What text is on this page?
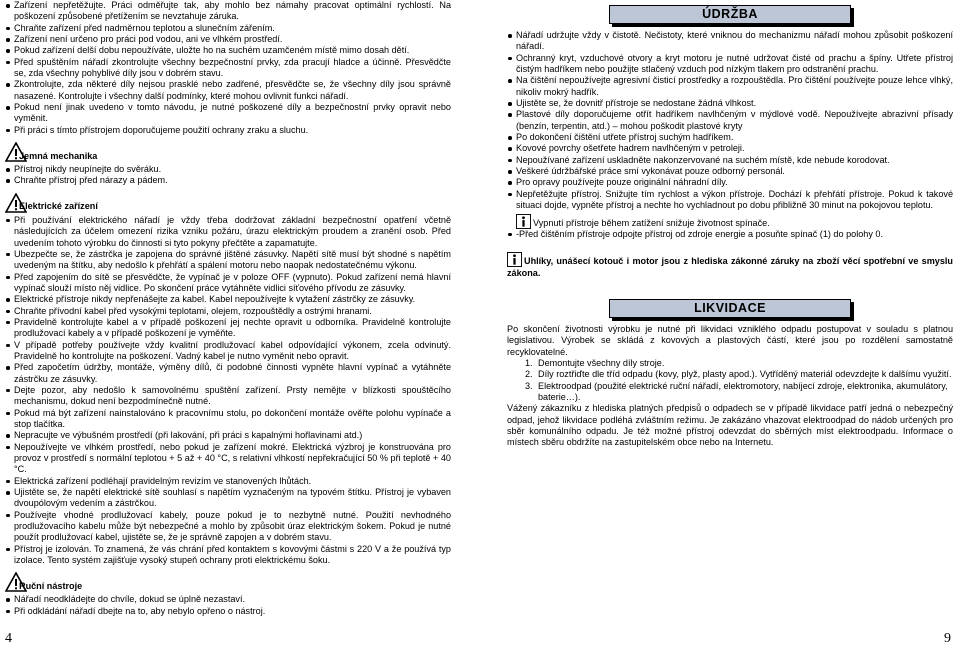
Zařízení nepřetěžujte. Práci odměřujte tak, aby mohlo bez námahy pracovat optimální rychlostí. Na poškození způsobené přetížením se nevztahuje záruka.
Chraňte zařízení před nadměrnou teplotou a slunečním zářením.
Zařízení není určeno pro práci pod vodou, ani ve vlhkém prostředí.
Pokud zařízení delší dobu nepoužíváte, uložte ho na suchém uzamčeném místě mimo dosah dětí.
Před spuštěním nářadí zkontrolujte všechny bezpečnostní prvky, zda pracují hladce a účinně. Přesvědčte se, zda všechny pohyblivé díly jsou v dobrém stavu.
Zkontrolujte, zda některé díly nejsou prasklé nebo zadřené, přesvědčte se, že všechny díly jsou správně nasazené. Kontrolujte i všechny další podmínky, které mohou ovlivnit funkci nářadí.
Pokud není jinak uvedeno v tomto návodu, je nutné poškozené díly a bezpečnostní prvky opravit nebo vyměnit.
Při práci s tímto přístrojem doporučujeme použití ochrany zraku a sluchu.
Jemná mechanika
Přístroj nikdy neupínejte do svěráku.
Chraňte přístroj před nárazy a pádem.
Elektrické zařízení
Při používání elektrického nářadí je vždy třeba dodržovat základní bezpečnostní opatření včetně následujících za účelem omezení rizika vzniku požáru, úrazu elektrickým proudem a zranění osob. Před uvedením tohoto výrobku do činnosti si tyto pokyny přečtěte a zapamatujte.
Ubezpečte se, že zástrčka je zapojena do správné jištěné zásuvky. Napětí sítě musí být shodné s napětím uvedeným na štítku, aby nedošlo k přehřátí a spálení motoru nebo naopak nedostatečnému výkonu.
Před zapojením do sítě se přesvědčte, že vypínač je v poloze OFF (vypnuto). Pokud zařízení nemá hlavní vypínač slouží místo něj vidlice. Po skončení práce vytáhněte vidlici síťového přívodu ze zásuvky.
Elektrické přístroje nikdy nepřenášejte za kabel. Kabel nepoužívejte k vytažení zástrčky ze zásuvky.
Chraňte přívodní kabel před vysokými teplotami, olejem, rozpouštědly a ostrými hranami.
Pravidelně kontrolujte kabel a v případě poškození jej nechte opravit u odborníka. Pravidelně kontrolujte prodlužovací kabely a v případě poškození je vyměňte.
V případě potřeby používejte vždy kvalitní prodlužovací kabel odpovídající výkonem, zcela odvinutý. Pravidelně ho kontrolujte na poškození. Vadný kabel je nutno vyměnit nebo opravit.
Před započetím údržby, montáže, výměny dílů, či podobné činnosti vypněte hlavní vypínač a vytáhněte zástrčku ze zásuvky.
Dejte pozor, aby nedošlo k samovolnému spuštění zařízení. Prsty nemějte v blízkosti spouštěcího mechanismu, dokud není bezpodmínečně nutné.
Pokud má být zařízení nainstalováno k pracovnímu stolu, po dokončení montáže ověřte polohu vypínače a stop tlačítka.
Nepracujte ve výbušném prostředí (při lakování, při práci s kapalnými hořlavinami atd.)
Nepoužívejte ve vlhkém prostředí, nebo pokud je zařízení mokré. Elektrická výzbroj je konstruována pro provoz v prostředí s normální teplotou + 5 až + 40 °C, s relativní vlhkostí nepřekračující 50 % při teplotě + 40 °C.
Elektrická zařízení podléhají pravidelným revizím ve stanovených lhůtách.
Ujistěte se, že napětí elektrické sítě souhlasí s napětím vyznačeným na typovém štítku. Přístroj je vybaven dvoupólovým vedením a zástrčkou.
Používejte vhodné prodlužovací kabely, pouze pokud je to nezbytně nutné. Použití nevhodného prodlužovacího kabelu může být nebezpečné a mohlo by způsobit úraz elektrickým šokem. Pokud je nutné použít prodlužovací kabel, ujistěte se, že je správně zapojen a v dobrém stavu.
Přístroj je izolován. To znamená, že vás chrání před kontaktem s kovovými částmi s 220 V a že používá typ izolace. Tento systém zajišťuje vysoký stupeň ochrany proti elektrickému šoku.
Ruční nástroje
Nářadí neodkládejte do chvíle, dokud se úplně nezastaví.
Při odkládání nářadí dbejte na to, aby nebylo opřeno o nástroj.
4
ÚDRŽBA
Nářadí udržujte vždy v čistotě. Nečistoty, které vniknou do mechanizmu nářadí mohou způsobit poškození nářadí.
Ochranný kryt, vzduchové otvory a kryt motoru je nutné udržovat čisté od prachu a špíny. Utřete přístroj čistým hadříkem nebo použijte stlačený vzduch pod nízkým tlakem pro odstranění prachu.
Na čištění nepoužívejte agresivní čisticí prostředky a rozpouštědla. Pro čištění používejte pouze lehce vlhký, nikoliv mokrý hadřík.
Ujistěte se, že dovnitř přístroje se nedostane žádná vlhkost.
Plastové díly doporučujeme otřít hadříkem navlhčeným v mýdlové vodě. Nepoužívejte abrazivní přísady (benzín, terpentin, atd.) – mohou poškodit plastové kryty
Po dokončení čištění utřete přístroj suchým hadříkem.
Kovové povrchy ošetřete hadrem navlhčeným v petroleji.
Nepoužívané zařízení uskladněte nakonzervované na suchém místě, kde nebude korodovat.
Veškeré údržbářské práce smí vykonávat pouze odborný personál.
Pro opravy používejte pouze originální náhradní díly.
Nepřetěžujte přístroj. Snižujte tím rychlost a výkon přístroje. Dochází k přehřátí přístroje. Pokud k takové situaci dojde, vypněte přístroj a nechte ho vychladnout po dobu přibližně 30 minut na pokojovou teplotu.
Vypnutí přístroje během zatížení snižuje životnost spínače.
-Před čištěním přístroje odpojte přístroj od zdroje energie a posuňte spínač (1) do polohy 0.
Uhlíky, unášecí kotouč i motor jsou z hlediska zákonné záruky na zboží věcí spotřební ve smyslu zákona.
LIKVIDACE
Po skončení životnosti výrobku je nutné při likvidaci vzniklého odpadu postupovat v souladu s platnou legislativou. Výrobek se skládá z kovových a plastových částí, které jsou po rozdělení samostatně recyklovatelné.
1. Demontujte všechny díly stroje.
2. Díly roztřiďte dle tříd odpadu (kovy, plyž, plasty apod.). Vytříděný materiál odevzdejte k dalšímu využití.
3. Elektroodpad (použité elektrické ruční nářadí, elektromotory, nabíjecí zdroje, elektronika, akumulátory, baterie…).
Vážený zákazníku z hlediska platných předpisů o odpadech se v případě likvidace patří jedná o nebezpečný odpad, jehož likvidace podléhá zvláštním režimu. Je zakázáno vhazovat elektroodpad do nádob určených pro sběr komunálního odpadu. Je též možné přístroj odevzdat do sběrných míst elektroodpadu. Informace o místech sběru obdržíte na zastupitelském obce nebo na Internetu.
9
